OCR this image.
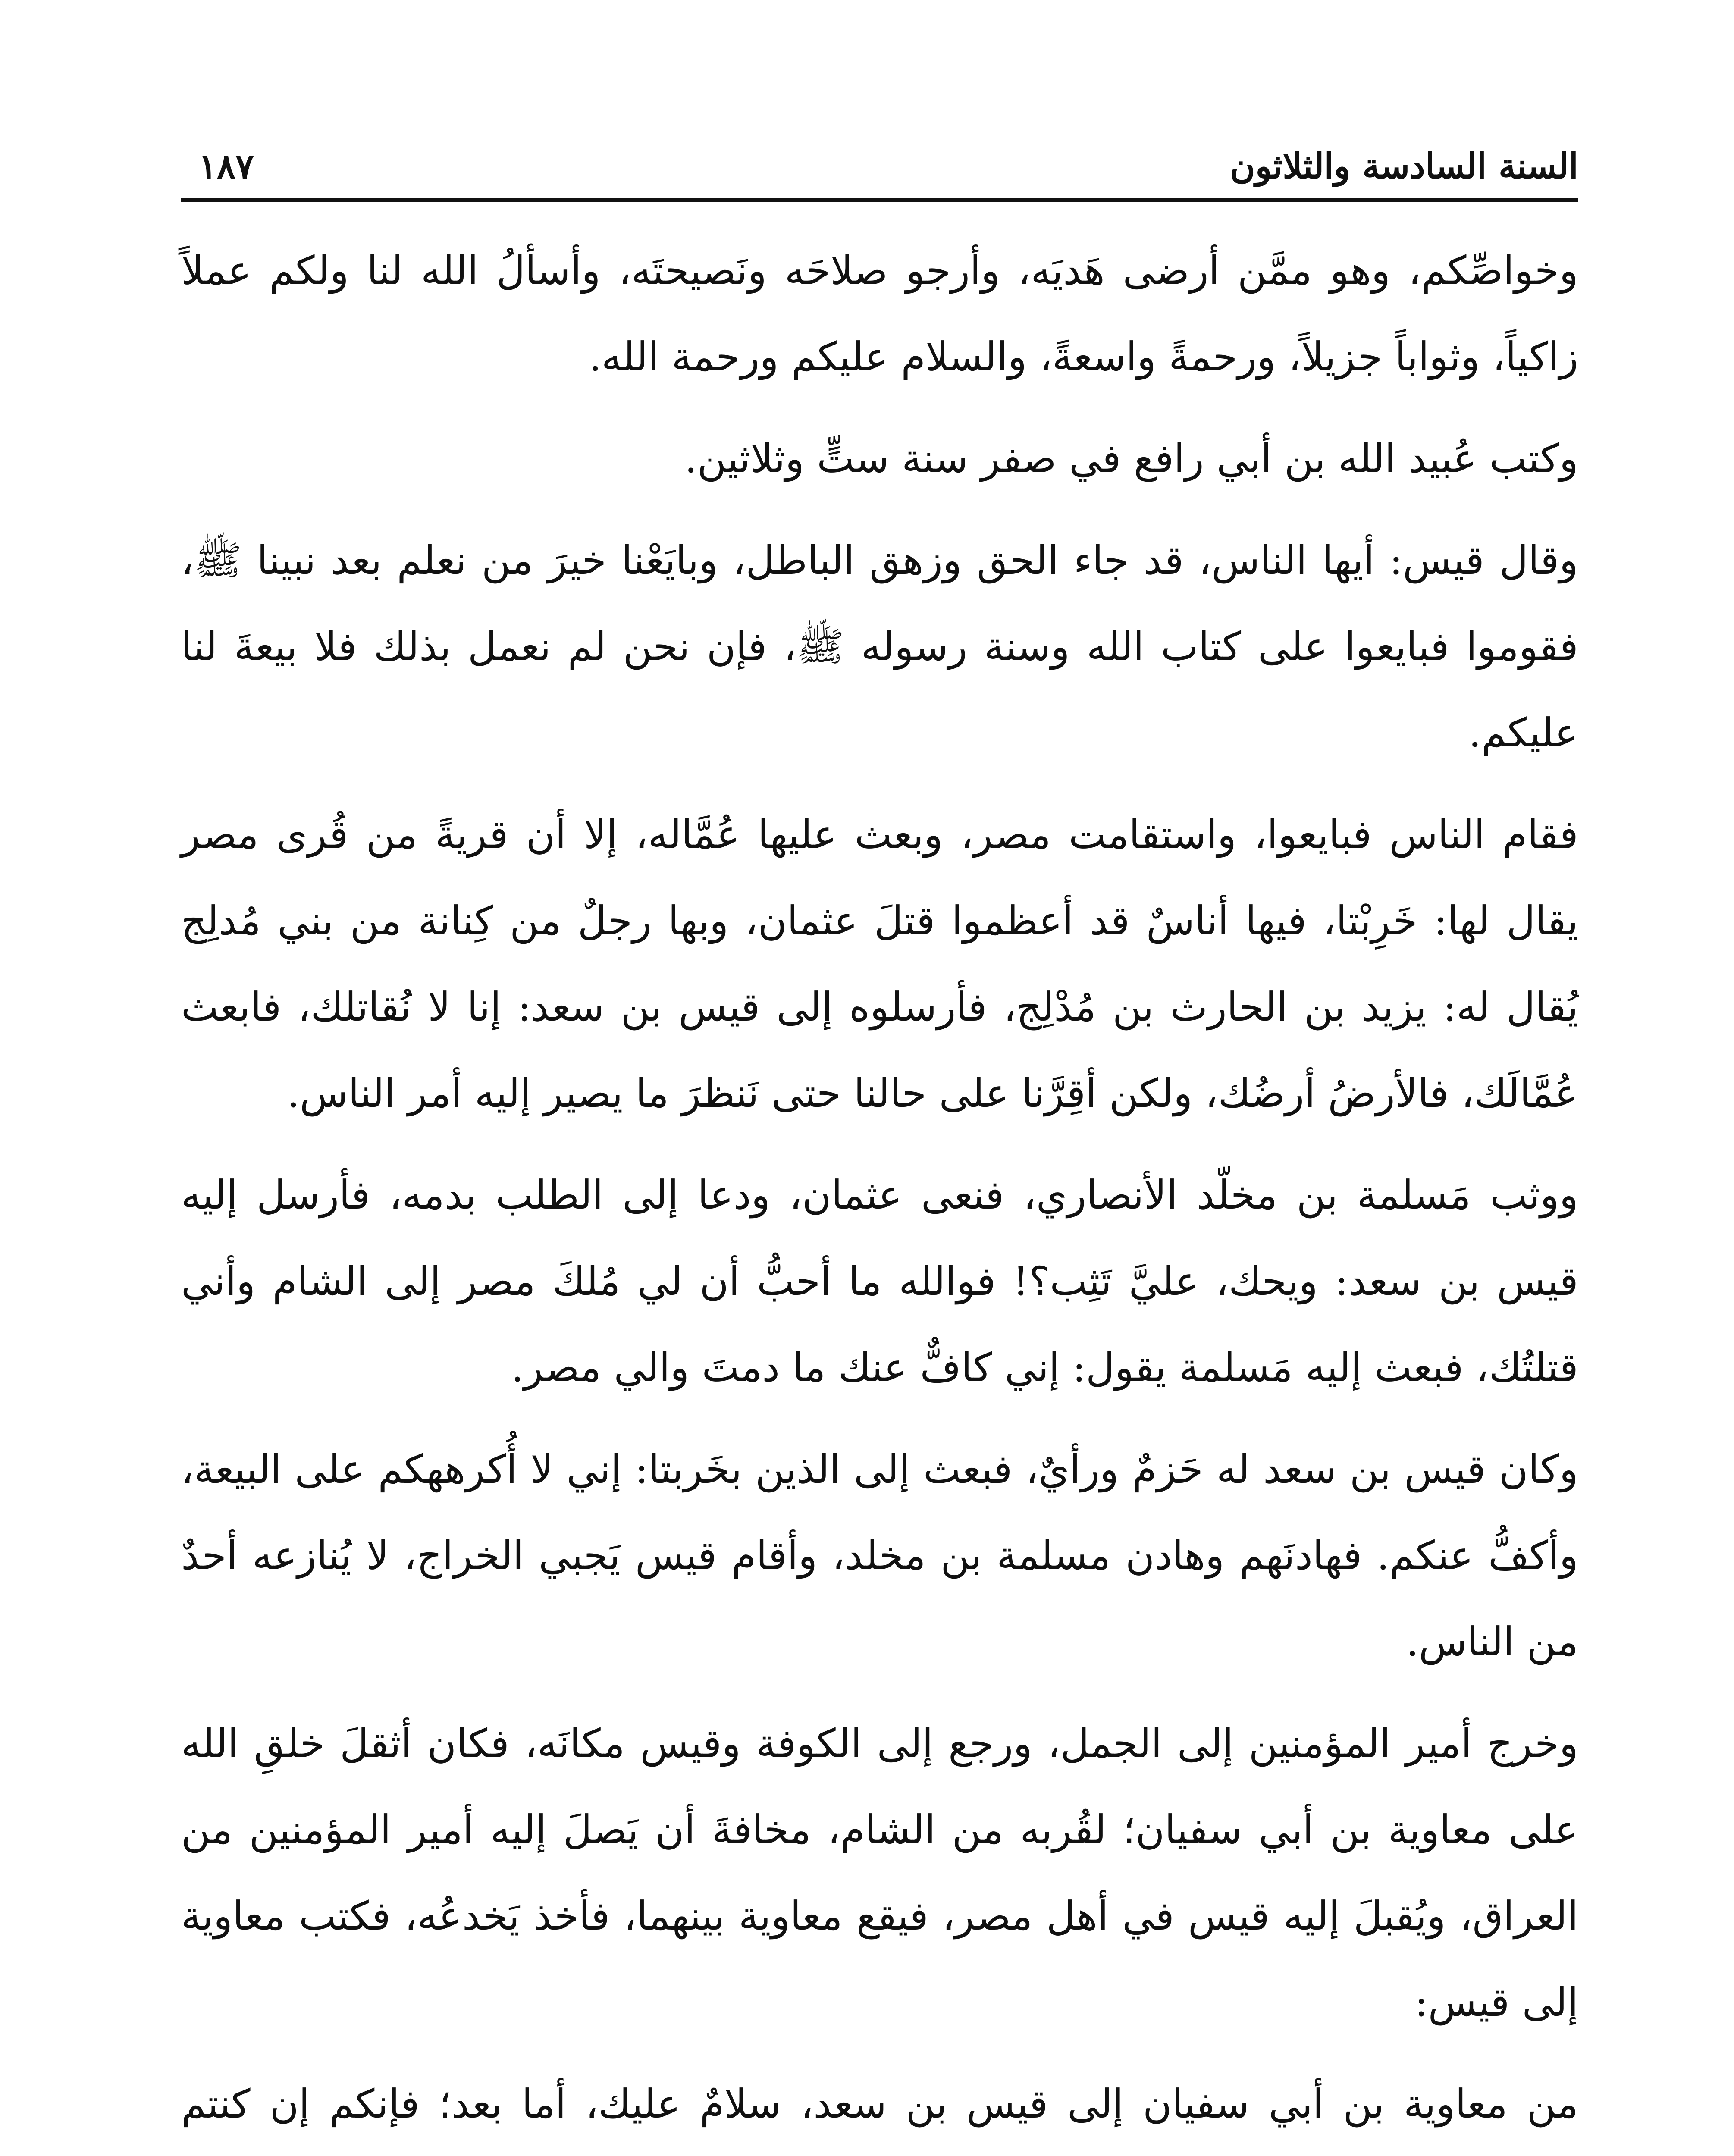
السنة السادسة والثلاثون
١٨٧

وخواصِّكم، وهو ممَّن أرضى هَديَه، وأرجو صلاحَه ونَصيحتَه، وأسألُ الله لنا ولكم عملاً زاكياً، وثواباً جزيلاً، ورحمةً واسعةً، والسلام عليكم ورحمة الله.

وكتب عُبيد الله بن أبي رافع في صفر سنة ستٍّ وثلاثين.

وقال قيس: أيها الناس، قد جاء الحق وزهق الباطل، وبايَعْنا خيرَ من نعلم بعد نبينا ﷺ، فقوموا فبايعوا على كتاب الله وسنة رسوله ﷺ، فإن نحن لم نعمل بذلك فلا بيعةَ لنا عليكم.

فقام الناس فبايعوا، واستقامت مصر، وبعث عليها عُمَّاله، إلا أن قريةً من قُرى مصر يقال لها: خَرِبْتا، فيها أناسٌ قد أعظموا قتلَ عثمان، وبها رجلٌ من كِنانة من بني مُدلِج يُقال له: يزيد بن الحارث بن مُدْلِج، فأرسلوه إلى قيس بن سعد: إنا لا نُقاتلك، فابعث عُمَّالَك، فالأرضُ أرضُك، ولكن أقِرَّنا على حالنا حتى نَنظرَ ما يصير إليه أمر الناس.

ووثب مَسلمة بن مخلّد الأنصاري، فنعى عثمان، ودعا إلى الطلب بدمه، فأرسل إليه قيس بن سعد: ويحك، عليَّ تَثِب؟! فوالله ما أحبُّ أن لي مُلكَ مصر إلى الشام وأني قتلتُك، فبعث إليه مَسلمة يقول: إني كافٌّ عنك ما دمتَ والي مصر.

وكان قيس بن سعد له حَزمٌ ورأيٌ، فبعث إلى الذين بخَربتا: إني لا أُكرههكم على البيعة، وأكفُّ عنكم. فهادنَهم وهادن مسلمة بن مخلد، وأقام قيس يَجبي الخراج، لا يُنازعه أحدٌ من الناس.

وخرج أمير المؤمنين إلى الجمل، ورجع إلى الكوفة وقيس مكانَه، فكان أثقلَ خلقِ الله على معاوية بن أبي سفيان؛ لقُربه من الشام، مخافةَ أن يَصلَ إليه أمير المؤمنين من العراق، ويُقبلَ إليه قيس في أهل مصر، فيقع معاوية بينهما، فأخذ يَخدعُه، فكتب معاوية إلى قيس:

من معاوية بن أبي سفيان إلى قيس بن سعد، سلامٌ عليك، أما بعد؛ فإنكم إن كنتم
